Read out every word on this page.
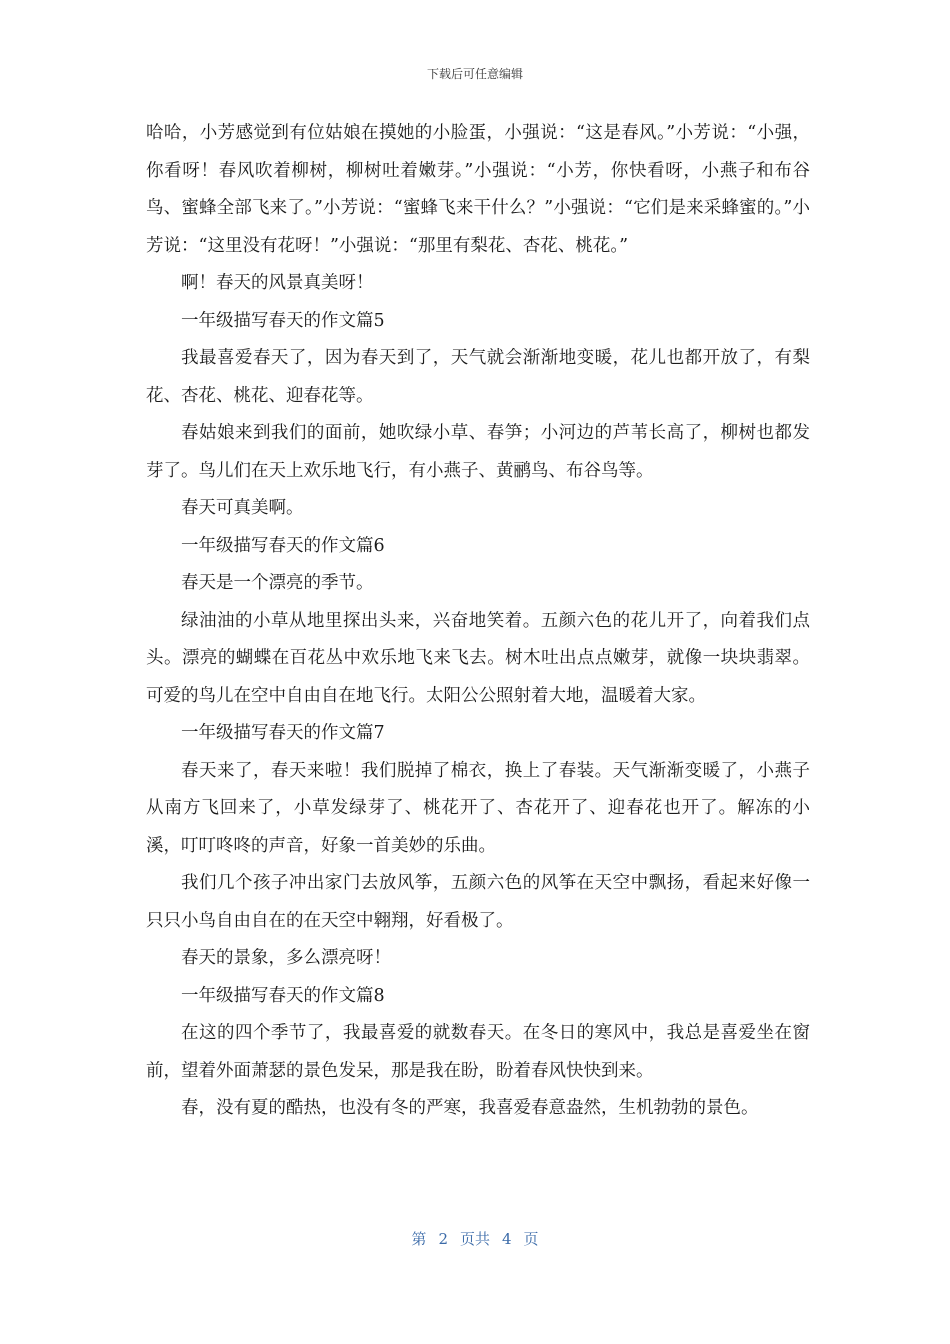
下载后可任意编辑

哈哈，小芳感觉到有位姑娘在摸她的小脸蛋，小强说：“这是春风。”小芳说：“小强，你看呀！春风吹着柳树，柳树吐着嫩芽。”小强说：“小芳，你快看呀，小燕子和布谷鸟、蜜蜂全部飞来了。”小芳说：“蜜蜂飞来干什么？”小强说：“它们是来采蜂蜜的。”小芳说：“这里没有花呀！”小强说：“那里有梨花、杏花、桃花。”

啊！春天的风景真美呀！

一年级描写春天的作文篇5

我最喜爱春天了，因为春天到了，天气就会渐渐地变暖，花儿也都开放了，有梨花、杏花、桃花、迎春花等。

春姑娘来到我们的面前，她吹绿小草、春笋；小河边的芦苇长高了，柳树也都发芽了。鸟儿们在天上欢乐地飞行，有小燕子、黄鹂鸟、布谷鸟等。

春天可真美啊。

一年级描写春天的作文篇6

春天是一个漂亮的季节。

绿油油的小草从地里探出头来，兴奋地笑着。五颜六色的花儿开了，向着我们点头。漂亮的蝴蝶在百花丛中欢乐地飞来飞去。树木吐出点点嫩芽，就像一块块翡翠。可爱的鸟儿在空中自由自在地飞行。太阳公公照射着大地，温暖着大家。

一年级描写春天的作文篇7

春天来了，春天来啦！我们脱掉了棉衣，换上了春装。天气渐渐变暖了，小燕子从南方飞回来了，小草发绿芽了、桃花开了、杏花开了、迎春花也开了。解冻的小溪，叮叮咚咚的声音，好象一首美妙的乐曲。

我们几个孩子冲出家门去放风筝，五颜六色的风筝在天空中飘扬，看起来好像一只只小鸟自由自在的在天空中翱翔，好看极了。

春天的景象，多么漂亮呀！

一年级描写春天的作文篇8

在这的四个季节了，我最喜爱的就数春天。在冬日的寒风中，我总是喜爱坐在窗前，望着外面萧瑟的景色发呆，那是我在盼，盼着春风快快到来。

春，没有夏的酷热，也没有冬的严寒，我喜爱春意盎然，生机勃勃的景色。

第 2 页共 4 页
